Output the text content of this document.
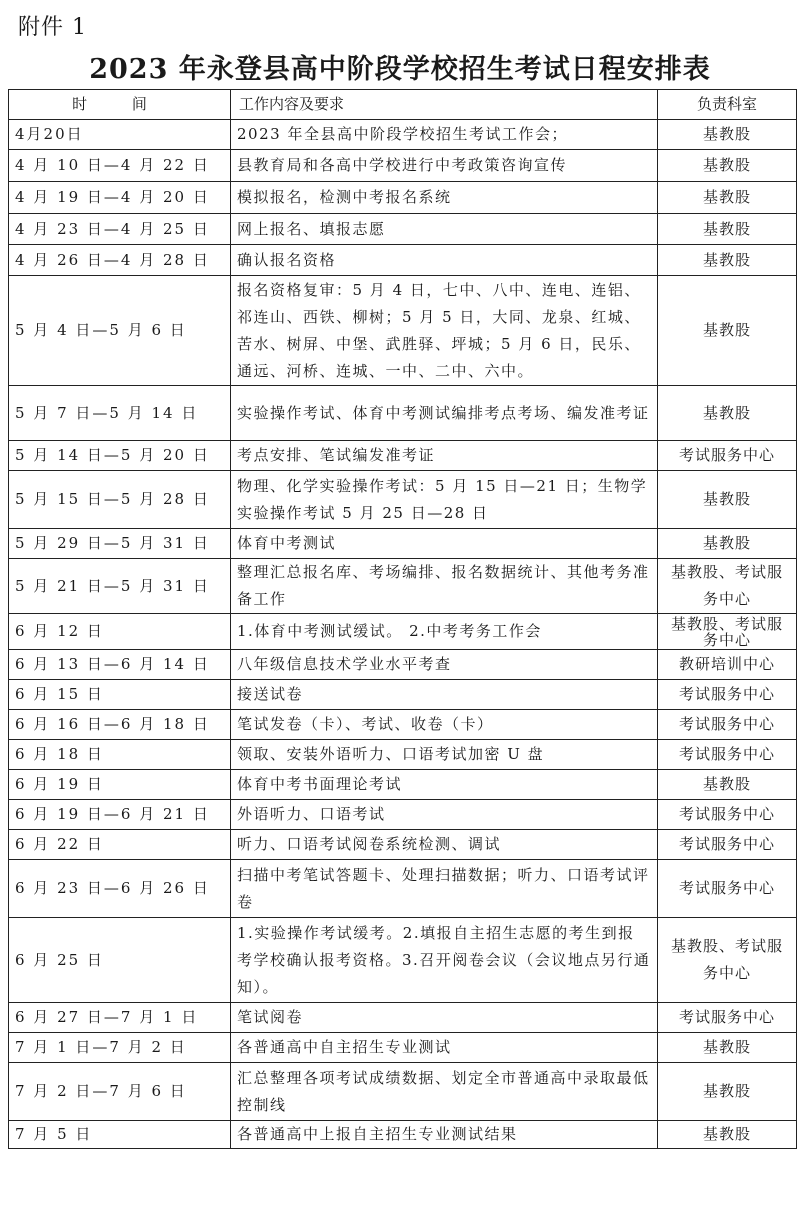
附件 1
2023 年永登县高中阶段学校招生考试日程安排表
时 间	工作内容及要求	负责科室
4月20日	2023 年全县高中阶段学校招生考试工作会；	基教股
4 月 10 日—4 月 22 日	县教育局和各高中学校进行中考政策咨询宣传	基教股
4 月 19 日—4 月 20 日	模拟报名，检测中考报名系统	基教股
4 月 23 日—4 月 25 日	网上报名、填报志愿	基教股
4 月 26 日—4 月 28 日	确认报名资格	基教股
5 月 4 日—5 月 6 日	报名资格复审：5 月 4 日，七中、八中、连电、连铝、祁连山、西铁、柳树；5 月 5 日，大同、龙泉、红城、苦水、树屏、中堡、武胜驿、坪城；5 月 6 日，民乐、通远、河桥、连城、一中、二中、六中。	基教股
5 月 7 日—5 月 14 日	实验操作考试、体育中考测试编排考点考场、编发准考证	基教股
5 月 14 日—5 月 20 日	考点安排、笔试编发准考证	考试服务中心
5 月 15 日—5 月 28 日	物理、化学实验操作考试：5 月 15 日—21 日；生物学实验操作考试 5 月 25 日—28 日	基教股
5 月 29 日—5 月 31 日	体育中考测试	基教股
5 月 21 日—5 月 31 日	整理汇总报名库、考场编排、报名数据统计、其他考务准备工作	基教股、考试服务中心
6 月 12 日	1.体育中考测试缓试。 2.中考考务工作会	基教股、考试服务中心
6 月 13 日—6 月 14 日	八年级信息技术学业水平考查	教研培训中心
6 月 15 日	接送试卷	考试服务中心
6 月 16 日—6 月 18 日	笔试发卷（卡）、考试、收卷（卡）	考试服务中心
6 月 18 日	领取、安装外语听力、口语考试加密 U 盘	考试服务中心
6 月 19 日	体育中考书面理论考试	基教股
6 月 19 日—6 月 21 日	外语听力、口语考试	考试服务中心
6 月 22 日	听力、口语考试阅卷系统检测、调试	考试服务中心
6 月 23 日—6 月 26 日	扫描中考笔试答题卡、处理扫描数据；听力、口语考试评卷	考试服务中心
6 月 25 日	1.实验操作考试缓考。2.填报自主招生志愿的考生到报考学校确认报考资格。3.召开阅卷会议（会议地点另行通知）。	基教股、考试服务中心
6 月 27 日—7 月 1 日	笔试阅卷	考试服务中心
7 月 1 日—7 月 2 日	各普通高中自主招生专业测试	基教股
7 月 2 日—7 月 6 日	汇总整理各项考试成绩数据、划定全市普通高中录取最低控制线	基教股
7 月 5 日	各普通高中上报自主招生专业测试结果	基教股
